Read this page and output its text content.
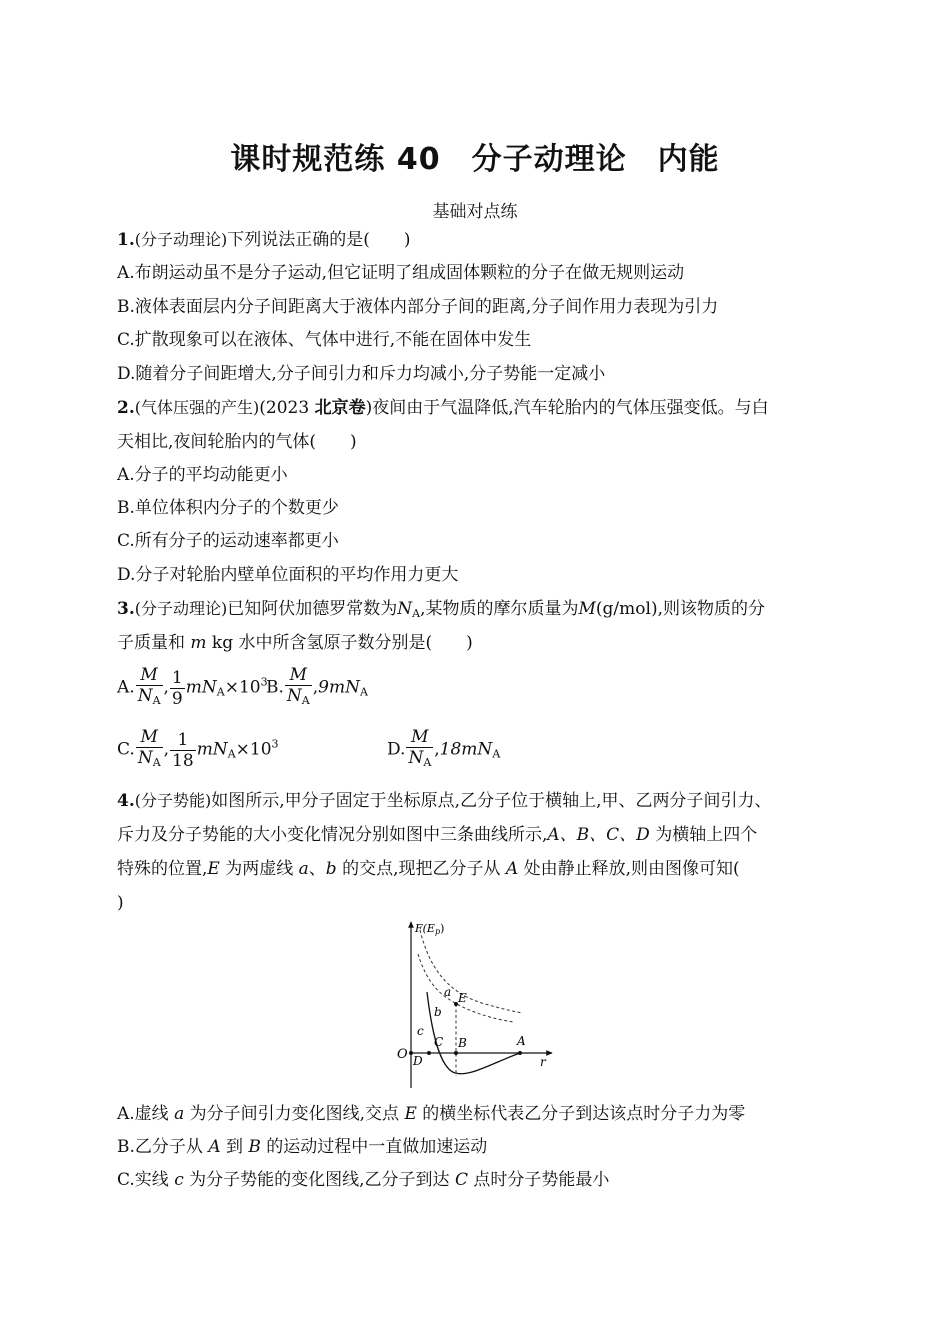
课时规范练 40　分子动理论　内能
基础对点练
1.(分子动理论)下列说法正确的是(　　)
A.布朗运动虽不是分子运动,但它证明了组成固体颗粒的分子在做无规则运动
B.液体表面层内分子间距离大于液体内部分子间的距离,分子间作用力表现为引力
C.扩散现象可以在液体、气体中进行,不能在固体中发生
D.随着分子间距增大,分子间引力和斥力均减小,分子势能一定减小
2.(气体压强的产生)(2023 北京卷)夜间由于气温降低,汽车轮胎内的气体压强变低。与白
天相比,夜间轮胎内的气体(　　)
A.分子的平均动能更小
B.单位体积内分子的个数更少
C.所有分子的运动速率都更小
D.分子对轮胎内壁单位面积的平均作用力更大
3.(分子动理论)已知阿伏加德罗常数为$N_A$,某物质的摩尔质量为M(g/mol),则该物质的分
子质量和 m kg 水中所含氢原子数分别是(　　)
A. $\frac{M}{N_A}$ , $\frac{1}{9} mN_A\times 10^3$
B. $\frac{M}{N_A} ,9mN_A$
C. $\frac{M}{N_A}$ , $\frac{1}{18} mN_A\times 10^3$	D. $\frac{M}{N_A} ,18mN_A$
4.(分子势能)如图所示,甲分子固定于坐标原点,乙分子位于横轴上,甲、乙两分子间引力、
斥力及分子势能的大小变化情况分别如图中三条曲线所示,A、B、C、D 为横轴上四个
特殊的位置,E 为两虚线 a、b 的交点,现把乙分子从 A 处由静止释放,则由图像可知(
)
F(Ep)
r
O
a
b
c
E
C B	A
D
A.虚线 a 为分子间引力变化图线,交点 E 的横坐标代表乙分子到达该点时分子力为零
B.乙分子从 A 到 B 的运动过程中一直做加速运动
C.实线 c 为分子势能的变化图线,乙分子到达 C 点时分子势能最小
